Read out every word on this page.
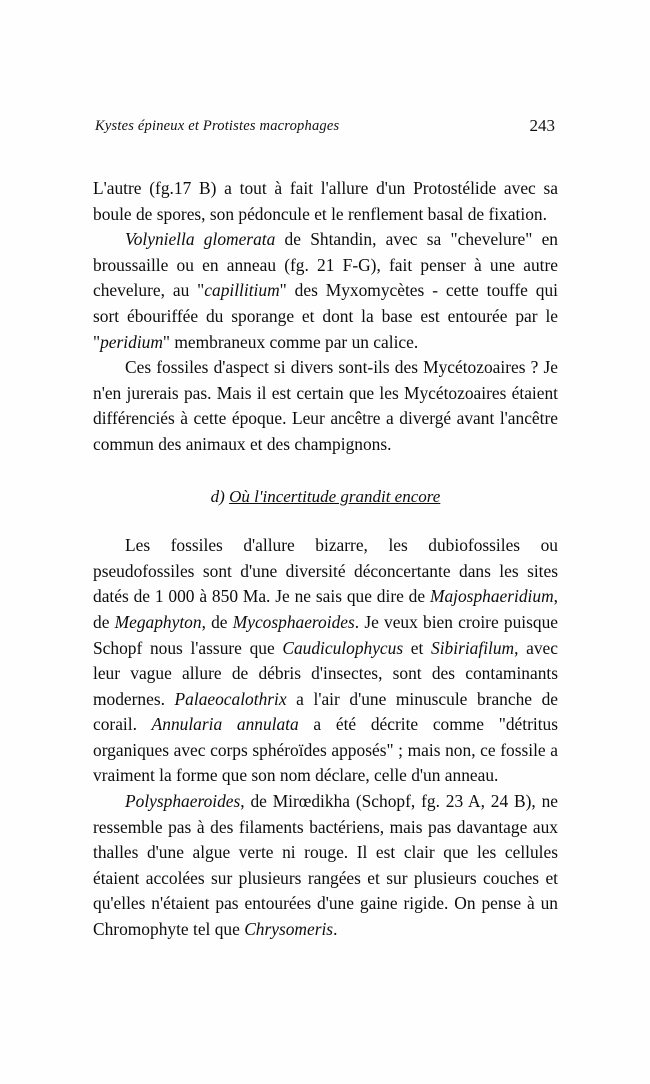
Kystes épineux et Protistes macrophages	243

L'autre (fg.17 B) a tout à fait l'allure d'un Protostélide avec sa boule de spores, son pédoncule et le renflement basal de fixation.

Volyniella glomerata de Shtandin, avec sa "chevelure" en broussaille ou en anneau (fg. 21 F-G), fait penser à une autre chevelure, au "capillitium" des Myxomycètes - cette touffe qui sort ébouriffée du sporange et dont la base est entourée par le "peridium" membraneux comme par un calice.

Ces fossiles d'aspect si divers sont-ils des Mycétozoaires ? Je n'en jurerais pas. Mais il est certain que les Mycétozoaires étaient différenciés à cette époque. Leur ancêtre a divergé avant l'ancêtre commun des animaux et des champignons.

d) Où l'incertitude grandit encore

Les fossiles d'allure bizarre, les dubiofossiles ou pseudofossiles sont d'une diversité déconcertante dans les sites datés de 1 000 à 850 Ma. Je ne sais que dire de Majosphaeridium, de Megaphyton, de Mycosphaeroides. Je veux bien croire puisque Schopf nous l'assure que Caudiculophycus et Sibiriafilum, avec leur vague allure de débris d'insectes, sont des contaminants modernes. Palaeocalothrix a l'air d'une minuscule branche de corail. Annularia annulata a été décrite comme "détritus organiques avec corps sphéroïdes apposés" ; mais non, ce fossile a vraiment la forme que son nom déclare, celle d'un anneau.

Polysphaeroides, de Mirœdikha (Schopf, fg. 23 A, 24 B), ne ressemble pas à des filaments bactériens, mais pas davantage aux thalles d'une algue verte ni rouge. Il est clair que les cellules étaient accolées sur plusieurs rangées et sur plusieurs couches et qu'elles n'étaient pas entourées d'une gaine rigide. On pense à un Chromophyte tel que Chrysomeris.
